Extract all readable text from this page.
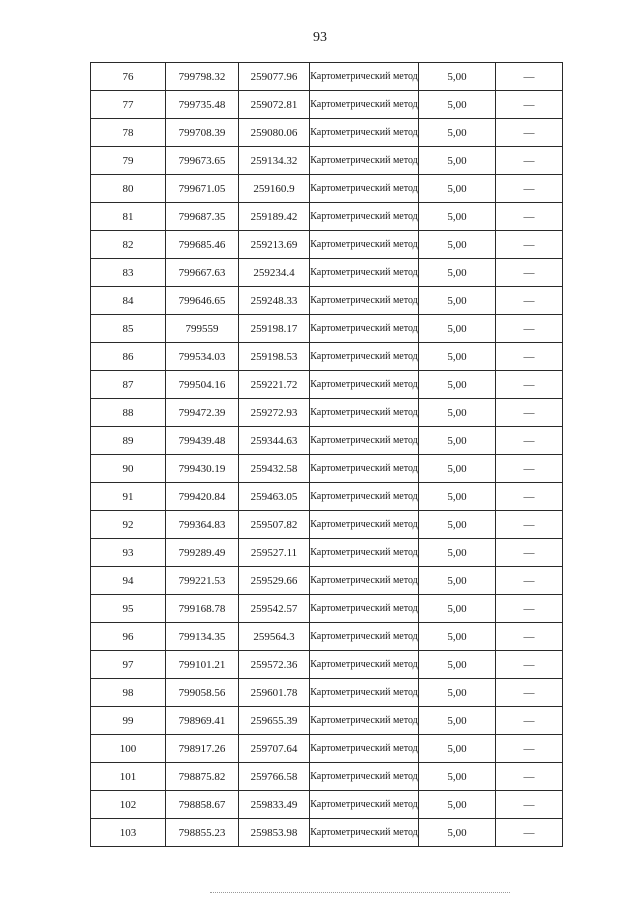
93
76	799798.32	259077.96	Картометрический метод	5,00	—
77	799735.48	259072.81	Картометрический метод	5,00	—
78	799708.39	259080.06	Картометрический метод	5,00	—
79	799673.65	259134.32	Картометрический метод	5,00	—
80	799671.05	259160.9	Картометрический метод	5,00	—
81	799687.35	259189.42	Картометрический метод	5,00	—
82	799685.46	259213.69	Картометрический метод	5,00	—
83	799667.63	259234.4	Картометрический метод	5,00	—
84	799646.65	259248.33	Картометрический метод	5,00	—
85	799559	259198.17	Картометрический метод	5,00	—
86	799534.03	259198.53	Картометрический метод	5,00	—
87	799504.16	259221.72	Картометрический метод	5,00	—
88	799472.39	259272.93	Картометрический метод	5,00	—
89	799439.48	259344.63	Картометрический метод	5,00	—
90	799430.19	259432.58	Картометрический метод	5,00	—
91	799420.84	259463.05	Картометрический метод	5,00	—
92	799364.83	259507.82	Картометрический метод	5,00	—
93	799289.49	259527.11	Картометрический метод	5,00	—
94	799221.53	259529.66	Картометрический метод	5,00	—
95	799168.78	259542.57	Картометрический метод	5,00	—
96	799134.35	259564.3	Картометрический метод	5,00	—
97	799101.21	259572.36	Картометрический метод	5,00	—
98	799058.56	259601.78	Картометрический метод	5,00	—
99	798969.41	259655.39	Картометрический метод	5,00	—
100	798917.26	259707.64	Картометрический метод	5,00	—
101	798875.82	259766.58	Картометрический метод	5,00	—
102	798858.67	259833.49	Картометрический метод	5,00	—
103	798855.23	259853.98	Картометрический метод	5,00	—
